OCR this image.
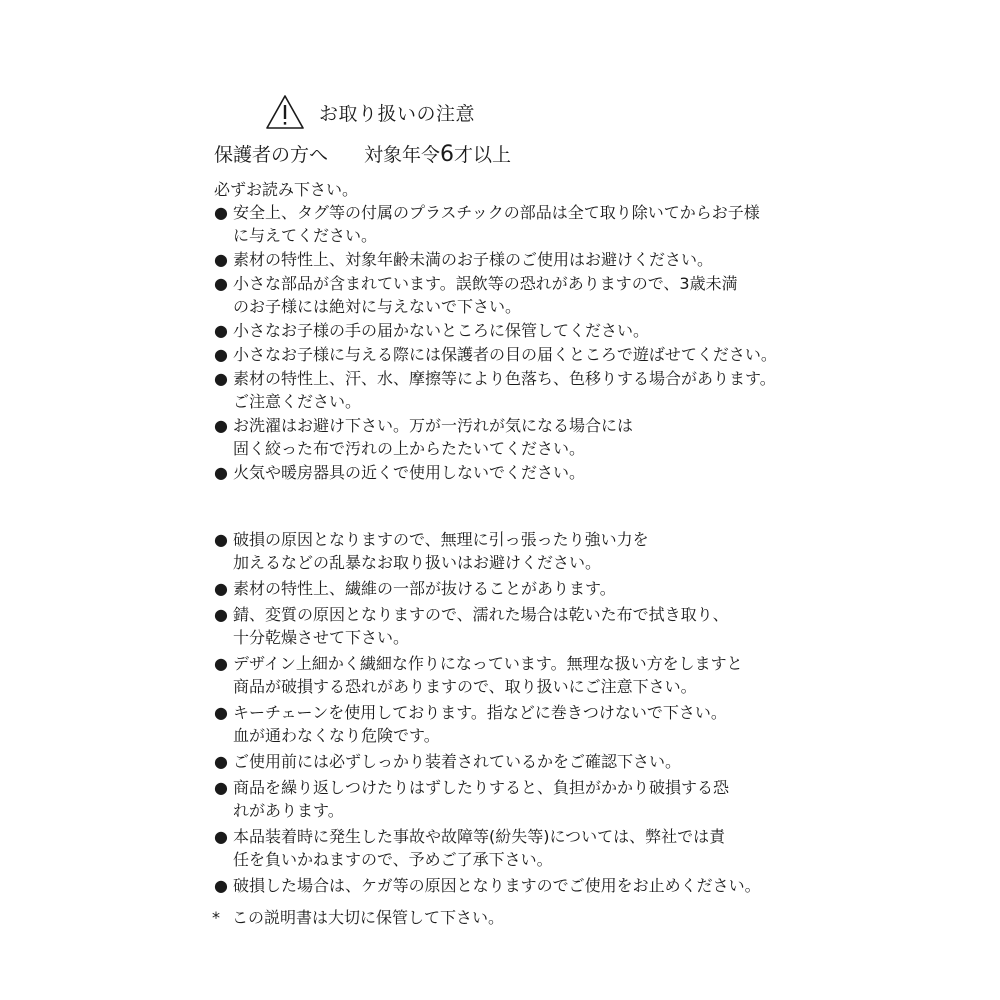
お取り扱いの注意
保護者の方へ 対象年令6才以上
必ずお読み下さい。
● 安全上、タグ等の付属のプラスチックの部品は全て取り除いてからお子様
に与えてください。
● 素材の特性上、対象年齢未満のお子様のご使用はお避けください。
● 小さな部品が含まれています。誤飲等の恐れがありますので、3歳未満
のお子様には絶対に与えないで下さい。
● 小さなお子様の手の届かないところに保管してください。
● 小さなお子様に与える際には保護者の目の届くところで遊ばせてください。
● 素材の特性上、汗、水、摩擦等により色落ち、色移りする場合があります。
ご注意ください。
● お洗濯はお避け下さい。万が一汚れが気になる場合には
固く絞った布で汚れの上からたたいてください。
● 火気や暖房器具の近くで使用しないでください。
● 破損の原因となりますので、無理に引っ張ったり強い力を
加えるなどの乱暴なお取り扱いはお避けください。
● 素材の特性上、繊維の一部が抜けることがあります。
● 錆、変質の原因となりますので、濡れた場合は乾いた布で拭き取り、
十分乾燥させて下さい。
● デザイン上細かく繊細な作りになっています。無理な扱い方をしますと
商品が破損する恐れがありますので、取り扱いにご注意下さい。
● キーチェーンを使用しております。指などに巻きつけないで下さい。
血が通わなくなり危険です。
● ご使用前には必ずしっかり装着されているかをご確認下さい。
● 商品を繰り返しつけたりはずしたりすると、負担がかかり破損する恐
れがあります。
● 本品装着時に発生した事故や故障等(紛失等)については、弊社では責
任を負いかねますので、予めご了承下さい。
● 破損した場合は、ケガ等の原因となりますのでご使用をお止めください。
* この説明書は大切に保管して下さい。
